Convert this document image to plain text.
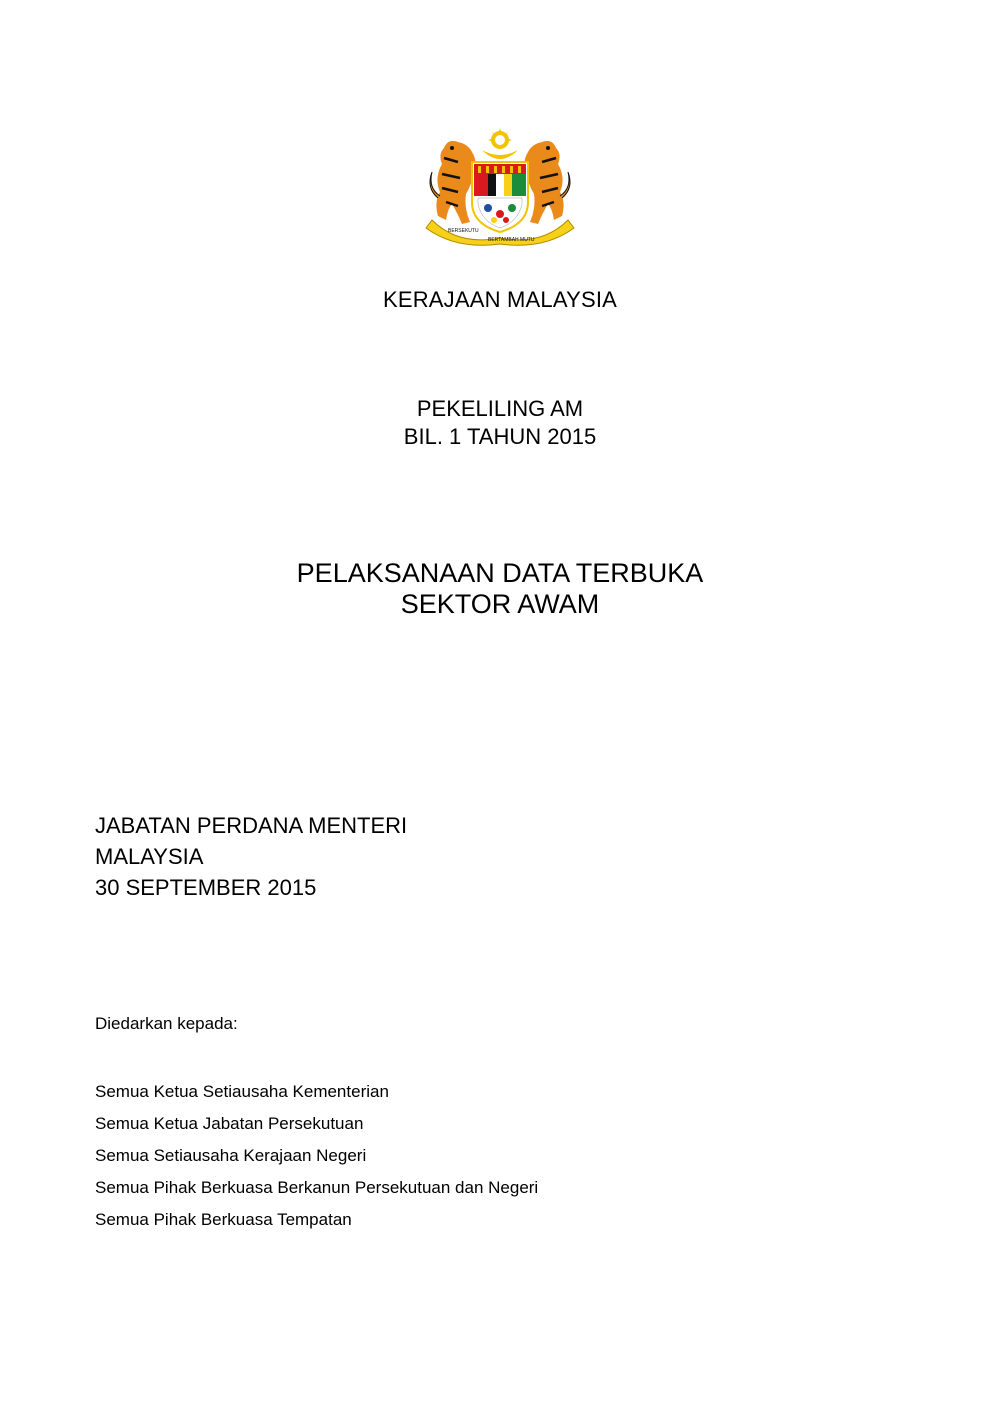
BERSEKUTU
BERTAMBAH MUTU
KERAJAAN MALAYSIA
PEKELILING AM
BIL. 1 TAHUN 2015
PELAKSANAAN DATA TERBUKA
SEKTOR AWAM
JABATAN PERDANA MENTERI
MALAYSIA
30 SEPTEMBER 2015
Diedarkan kepada:
Semua Ketua Setiausaha Kementerian
Semua Ketua Jabatan Persekutuan
Semua Setiausaha Kerajaan Negeri
Semua Pihak Berkuasa Berkanun Persekutuan dan Negeri
Semua Pihak Berkuasa Tempatan
